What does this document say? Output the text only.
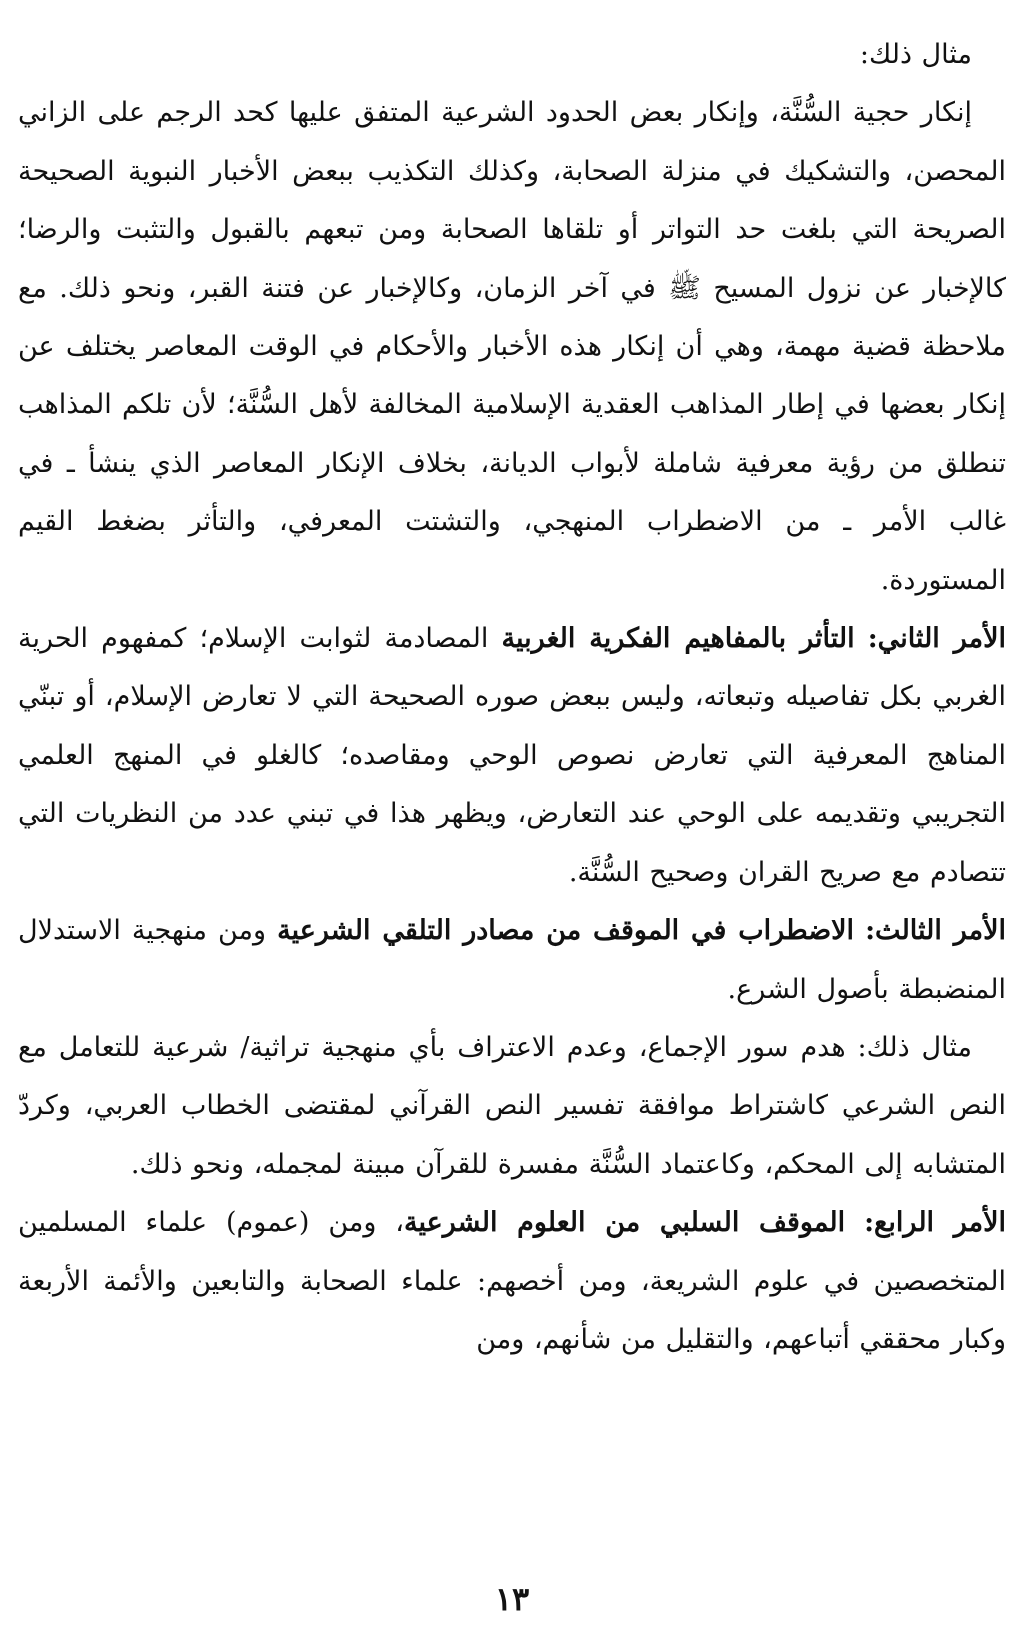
مثال ذلك:

إنكار حجية السُّنَّة، وإنكار بعض الحدود الشرعية المتفق عليها كحد الرجم على الزاني المحصن، والتشكيك في منزلة الصحابة، وكذلك التكذيب ببعض الأخبار النبوية الصحيحة الصريحة التي بلغت حد التواتر أو تلقاها الصحابة ومن تبعهم بالقبول والتثبت والرضا؛ كالإخبار عن نزول المسيح ﷺ في آخر الزمان، وكالإخبار عن فتنة القبر، ونحو ذلك. مع ملاحظة قضية مهمة، وهي أن إنكار هذه الأخبار والأحكام في الوقت المعاصر يختلف عن إنكار بعضها في إطار المذاهب العقدية الإسلامية المخالفة لأهل السُّنَّة؛ لأن تلكم المذاهب تنطلق من رؤية معرفية شاملة لأبواب الديانة، بخلاف الإنكار المعاصر الذي ينشأ ـ في غالب الأمر ـ من الاضطراب المنهجي، والتشتت المعرفي، والتأثر بضغط القيم المستوردة.

الأمر الثاني: التأثر بالمفاهيم الفكرية الغربية المصادمة لثوابت الإسلام؛ كمفهوم الحرية الغربي بكل تفاصيله وتبعاته، وليس ببعض صوره الصحيحة التي لا تعارض الإسلام، أو تبنّي المناهج المعرفية التي تعارض نصوص الوحي ومقاصده؛ كالغلو في المنهج العلمي التجريبي وتقديمه على الوحي عند التعارض، ويظهر هذا في تبني عدد من النظريات التي تتصادم مع صريح القران وصحيح السُّنَّة.

الأمر الثالث: الاضطراب في الموقف من مصادر التلقي الشرعية ومن منهجية الاستدلال المنضبطة بأصول الشرع.

مثال ذلك: هدم سور الإجماع، وعدم الاعتراف بأي منهجية تراثية/ شرعية للتعامل مع النص الشرعي كاشتراط موافقة تفسير النص القرآني لمقتضى الخطاب العربي، وكردّ المتشابه إلى المحكم، وكاعتماد السُّنَّة مفسرة للقرآن مبينة لمجمله، ونحو ذلك.

الأمر الرابع: الموقف السلبي من العلوم الشرعية، ومن (عموم) علماء المسلمين المتخصصين في علوم الشريعة، ومن أخصهم: علماء الصحابة والتابعين والأئمة الأربعة وكبار محققي أتباعهم، والتقليل من شأنهم، ومن

١٣
